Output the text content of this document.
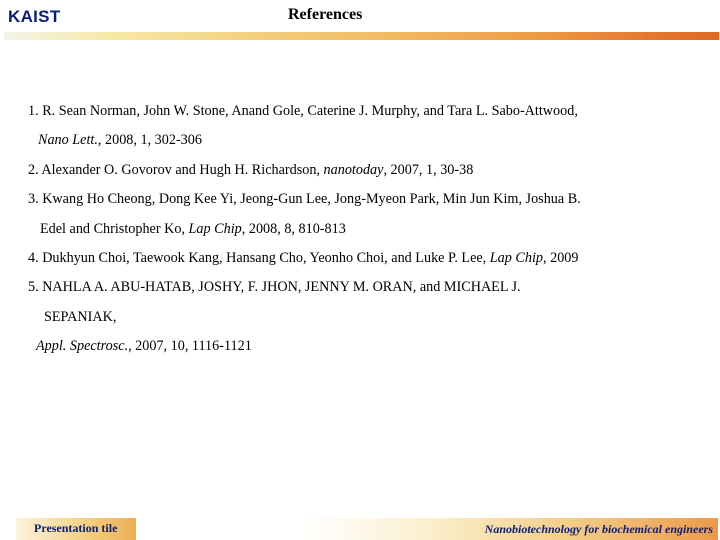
KAIST	References
1. R. Sean Norman, John W. Stone, Anand Gole, Caterine J. Murphy, and Tara L. Sabo-Attwood,
Nano Lett., 2008, 1, 302-306
2. Alexander O. Govorov and Hugh H. Richardson, nanotoday, 2007, 1, 30-38
3. Kwang Ho Cheong, Dong Kee Yi, Jeong-Gun Lee, Jong-Myeon Park, Min Jun Kim, Joshua B.
Edel and Christopher Ko, Lap Chip, 2008, 8, 810-813
4. Dukhyun Choi, Taewook Kang, Hansang Cho, Yeonho Choi, and Luke P. Lee, Lap Chip, 2009
5. NAHLA A. ABU-HATAB, JOSHY, F. JHON, JENNY M. ORAN, and MICHAEL J.
SEPANIAK,
Appl. Spectrosc., 2007, 10, 1116-1121
Presentation tile	Nanobiotechnology for biochemical engineers
